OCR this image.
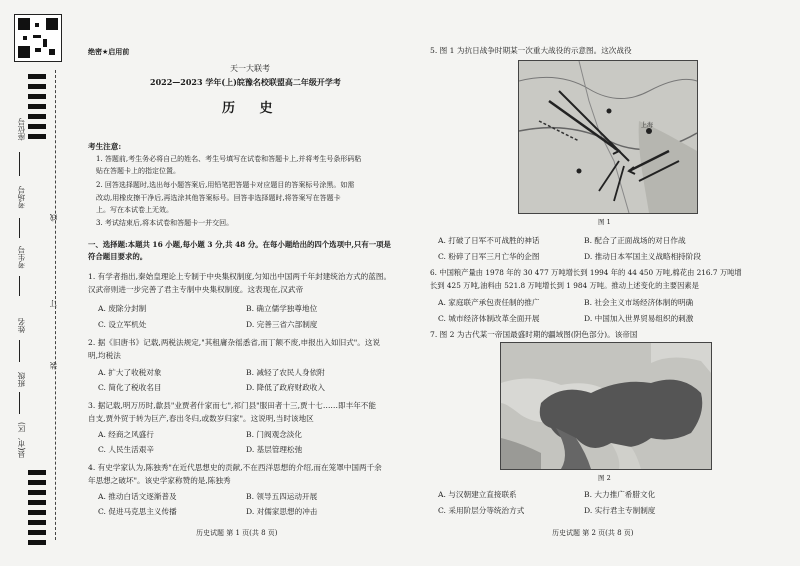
座位号
考场号
线
考生号
订
姓名
装
班级
县(市、区)
绝密★启用前
天一大联考
2022—2023 学年(上)皖豫名校联盟高二年级开学考
历 史
考生注意:
1. 答题前,考生务必将自己的姓名、考生号填写在试卷和答题卡上,并将考生号条形码粘
贴在答题卡上的指定位置。
2. 回答选择题时,选出每小题答案后,用铅笔把答题卡对应题目的答案标号涂黑。如需
改动,用橡皮擦干净后,再选涂其他答案标号。回答非选择题时,将答案写在答题卡
上。写在本试卷上无效。
3. 考试结束后,将本试卷和答题卡一并交回。
一、选择题:本题共 16 小题,每小题 3 分,共 48 分。在每小题给出的四个选项中,只有一项是
符合题目要求的。
1. 有学者指出,秦始皇理论上专制于中央集权制度,匀知出中国两千年封建统治方式的蓝图。
汉武帝则进一步完善了君主专制中央集权制度。这表现在,汉武帝
A. 废除分封制	B. 确立儒学独尊地位
C. 设立军机处	D. 完善三省六部制度
2. 据《旧唐书》记载,两税法规定,"其租庸杂徭悉省,而丁额不废,申报出入如旧式"。这说
明,均税法
A. 扩大了收税对象	B. 减轻了农民人身依附
C. 简化了税收名目	D. 降低了政府财政收入
3. 据记载,明万历时,歙县"业贾者什家而七",祁门县"服田者十三,贾十七……即丰年不能
自支,贾外贸于转为巨产,春出冬归,或数岁归家"。这说明,当时该地区
A. 经商之风盛行	B. 门阀观念淡化
C. 人民生活艰辛	D. 基层管理松弛
4. 有史学家认为,陈独秀"在近代思想史的贡献,不在西洋思想的介绍,而在笼罩中国两千余
年思想之破坏"。该史学家称赞的是,陈独秀
A. 推动白话文逐渐普及	B. 领导五四运动开展
C. 促进马克思主义传播	D. 对儒家思想的冲击
历史试题 第 1 页(共 8 页)
5. 图 1 为抗日战争时期某一次重大战役的示意图。这次战役
上海
图 1
A. 打破了日军不可战胜的神话	B. 配合了正面战场的对日作战
C. 粉碎了日军三月亡华的企图	D. 推动日本军国主义战略相持阶段
6. 中国粮产量由 1978 年的 30 477 万吨增长到 1994 年的 44 450 万吨,棉花由 216.7 万吨增
长到 425 万吨,油料由 521.8 万吨增长到 1 984 万吨。推动上述变化的主要因素是
A. 家庭联产承包责任制的推广	B. 社会主义市场经济体制的明确
C. 城市经济体制改革全面开展	D. 中国加入世界贸易组织的刺激
7. 图 2 为古代某一帝国最盛时期的疆域图(阴色部分)。该帝国
图 2
A. 与汉朝建立直接联系	B. 大力推广希腊文化
C. 采用阶层分等统治方式	D. 实行君主专制制度
历史试题 第 2 页(共 8 页)
